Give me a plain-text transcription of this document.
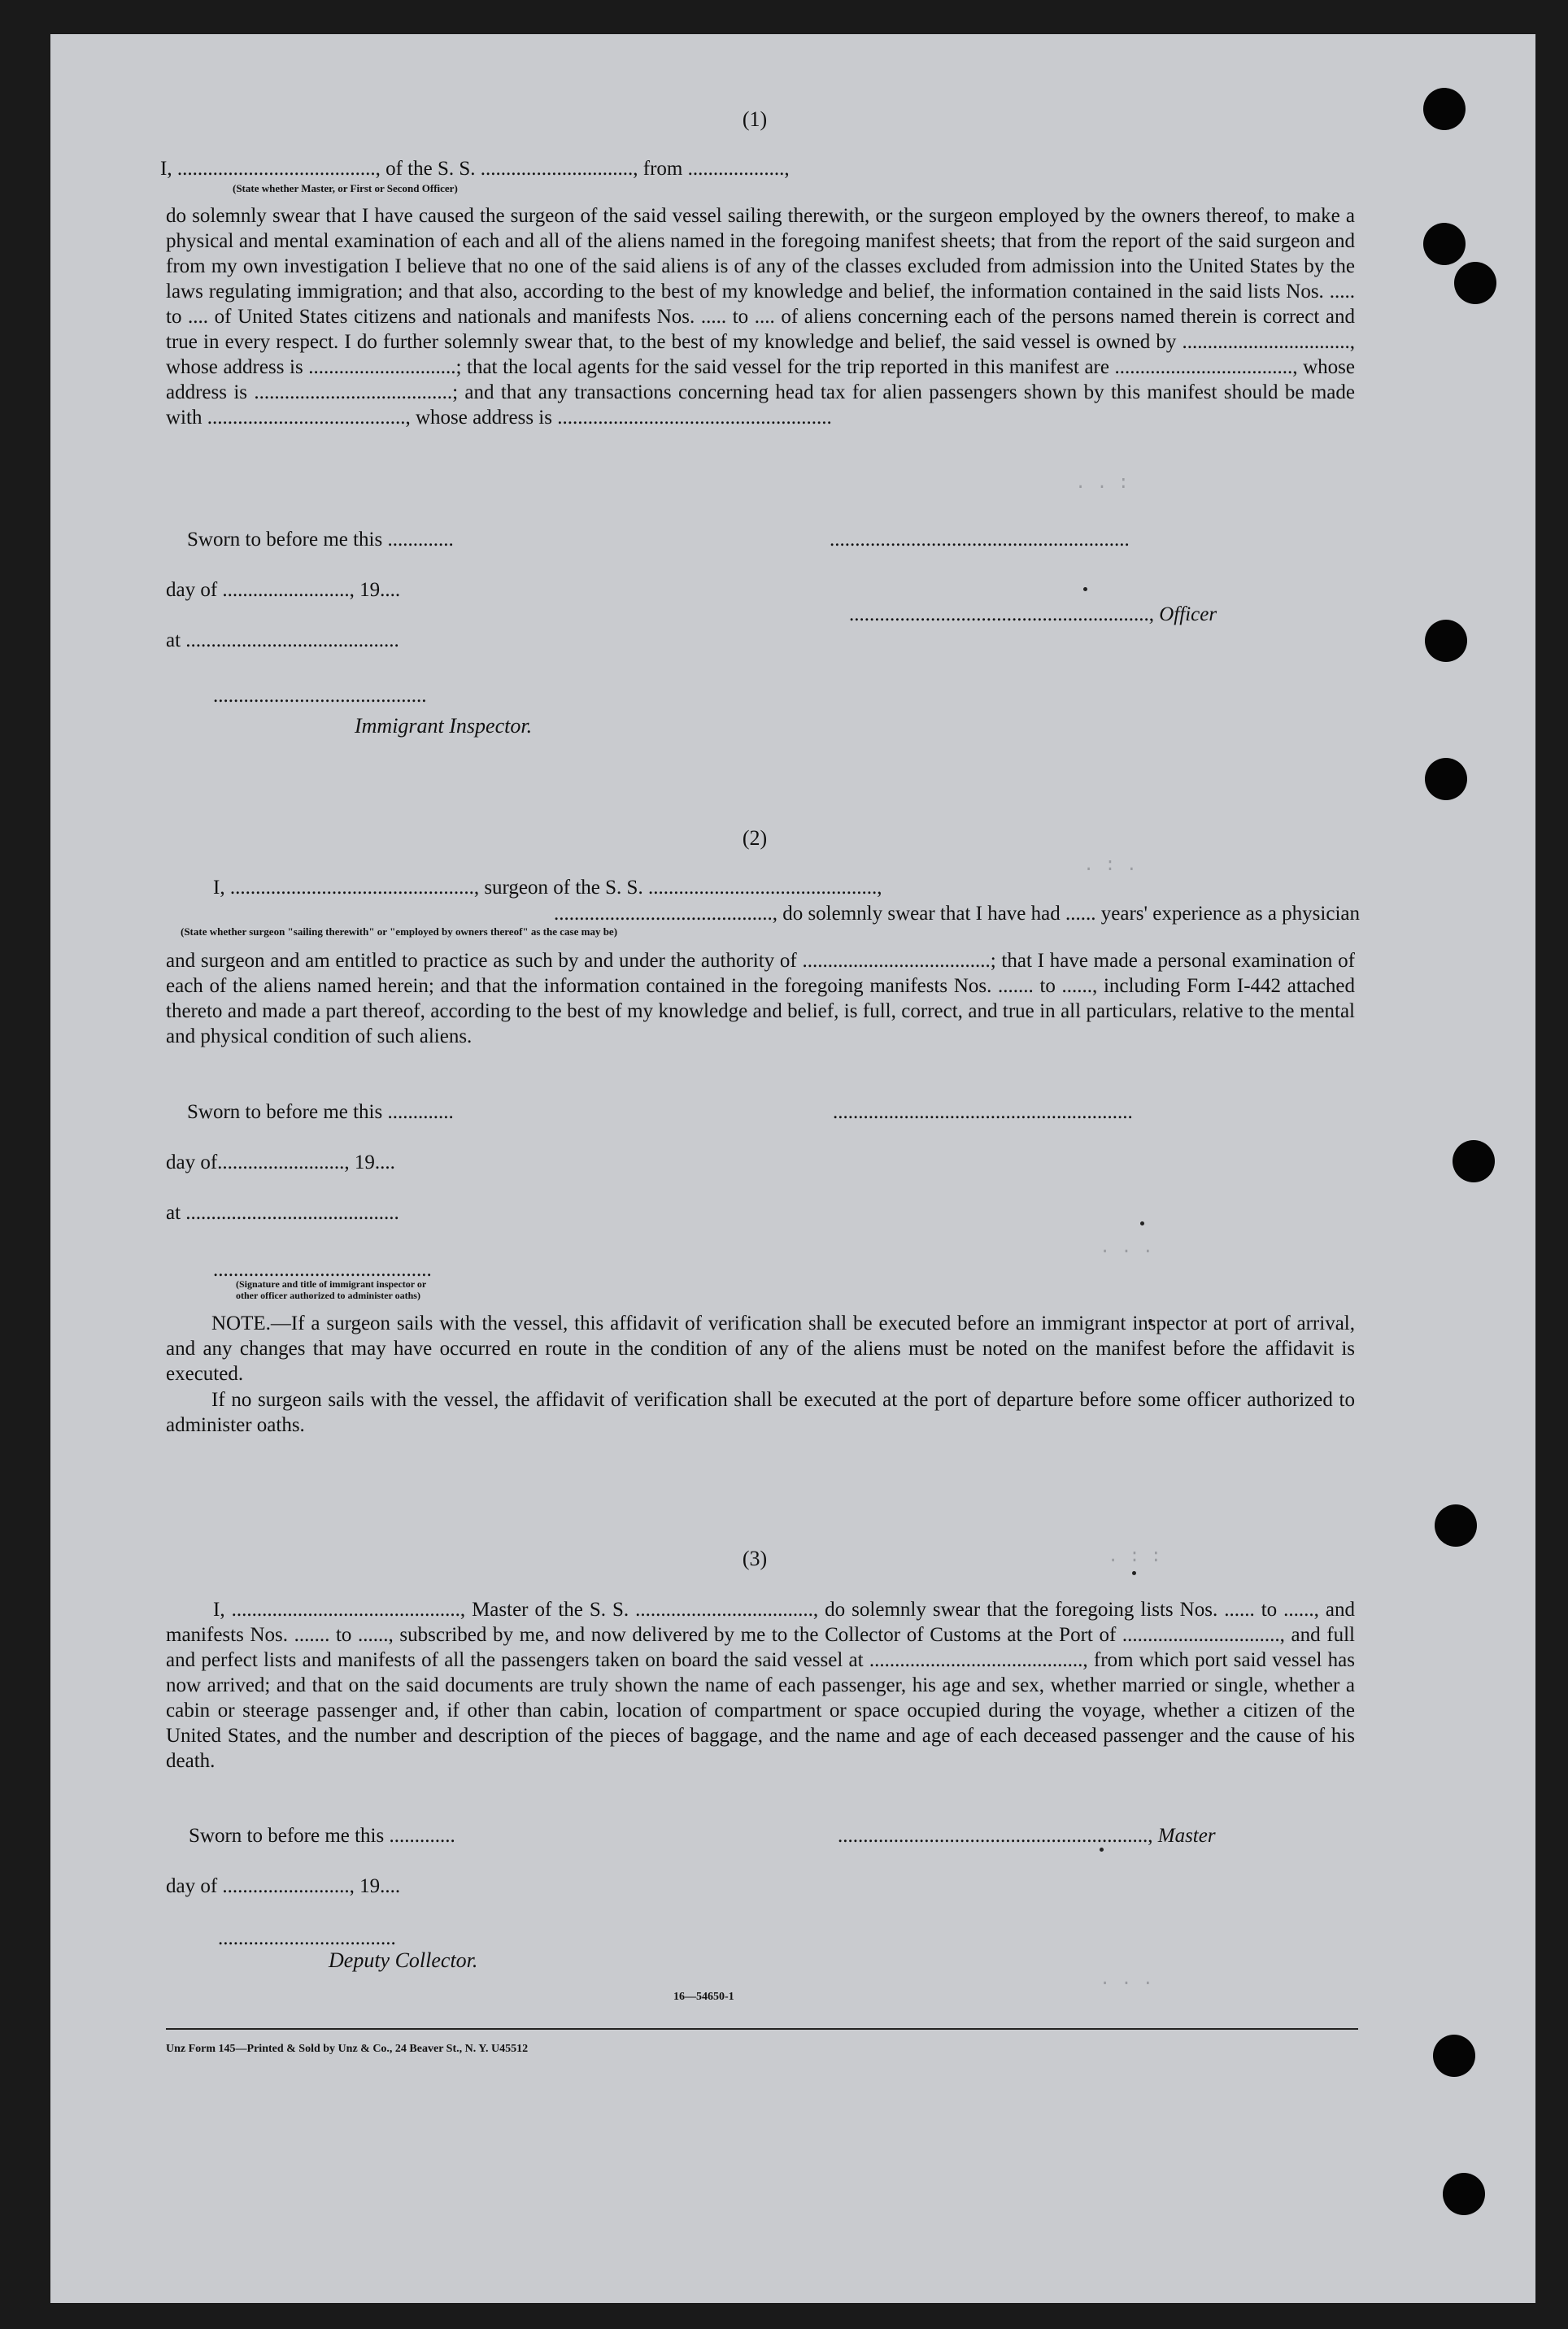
. . :
. : .
. . .
. : :
. . .
(1)
I, ......................................., of the S. S. .............................., from ...................,
(State whether Master, or First or Second Officer)
do solemnly swear that I have caused the surgeon of the said vessel sailing therewith, or the surgeon employed by the owners thereof, to make a physical and mental examination of each and all of the aliens named in the foregoing manifest sheets; that from the report of the said surgeon and from my own investigation I believe that no one of the said aliens is of any of the classes excluded from admission into the United States by the laws regulating immigration; and that also, according to the best of my knowledge and belief, the information contained in the said lists Nos. ..... to .... of United States citizens and nationals and manifests Nos. ..... to .... of aliens concerning each of the persons named therein is correct and true in every respect. I do further solemnly swear that, to the best of my knowledge and belief, the said vessel is owned by ................................., whose address is .............................; that the local agents for the said vessel for the trip reported in this manifest are ..................................., whose address is .......................................; and that any transactions concerning head tax for alien passengers shown by this manifest should be made with ......................................., whose address is ......................................................
Sworn to before me this .............	...........................................................
day of ........................., 19....
..........................................................., Officer
at ..........................................
..........................................
Immigrant Inspector.
(2)
I, ................................................, surgeon of the S. S. .............................................,
..........................................., do solemnly swear that I have had ...... years' experience as a physician
(State whether surgeon "sailing therewith" or "employed by owners thereof" as the case may be)
and surgeon and am entitled to practice as such by and under the authority of .....................................; that I have made a personal examination of each of the aliens named herein; and that the information contained in the foregoing manifests Nos. ....... to ......, including Form I-442 attached thereto and made a part thereof, according to the best of my knowledge and belief, is full, correct, and true in all particulars, relative to the mental and physical condition of such aliens.
Sworn to before me this .............	...........................................................
day of........................., 19....
at ..........................................
...........................................
(Signature and title of immigrant inspector or
other officer authorized to administer oaths)
NOTE.—If a surgeon sails with the vessel, this affidavit of verification shall be executed before an immigrant inspector at port of arrival, and any changes that may have occurred en route in the condition of any of the aliens must be noted on the manifest before the affidavit is executed.
If no surgeon sails with the vessel, the affidavit of verification shall be executed at the port of departure before some officer authorized to administer oaths.
(3)
I, ............................................., Master of the S. S. ..................................., do solemnly swear that the foregoing lists Nos. ...... to ......, and manifests Nos. ....... to ......, subscribed by me, and now delivered by me to the Collector of Customs at the Port of ..............................., and full and perfect lists and manifests of all the passengers taken on board the said vessel at .........................................., from which port said vessel has now arrived; and that on the said documents are truly shown the name of each passenger, his age and sex, whether married or single, whether a cabin or steerage passenger and, if other than cabin, location of compartment or space occupied during the voyage, whether a citizen of the United States, and the number and description of the pieces of baggage, and the name and age of each deceased passenger and the cause of his death.
Sworn to before me this .............	............................................................., Master
day of ........................., 19....
...................................
Deputy Collector.
16—54650-1
Unz Form 145—Printed & Sold by Unz & Co., 24 Beaver St., N. Y. U45512
